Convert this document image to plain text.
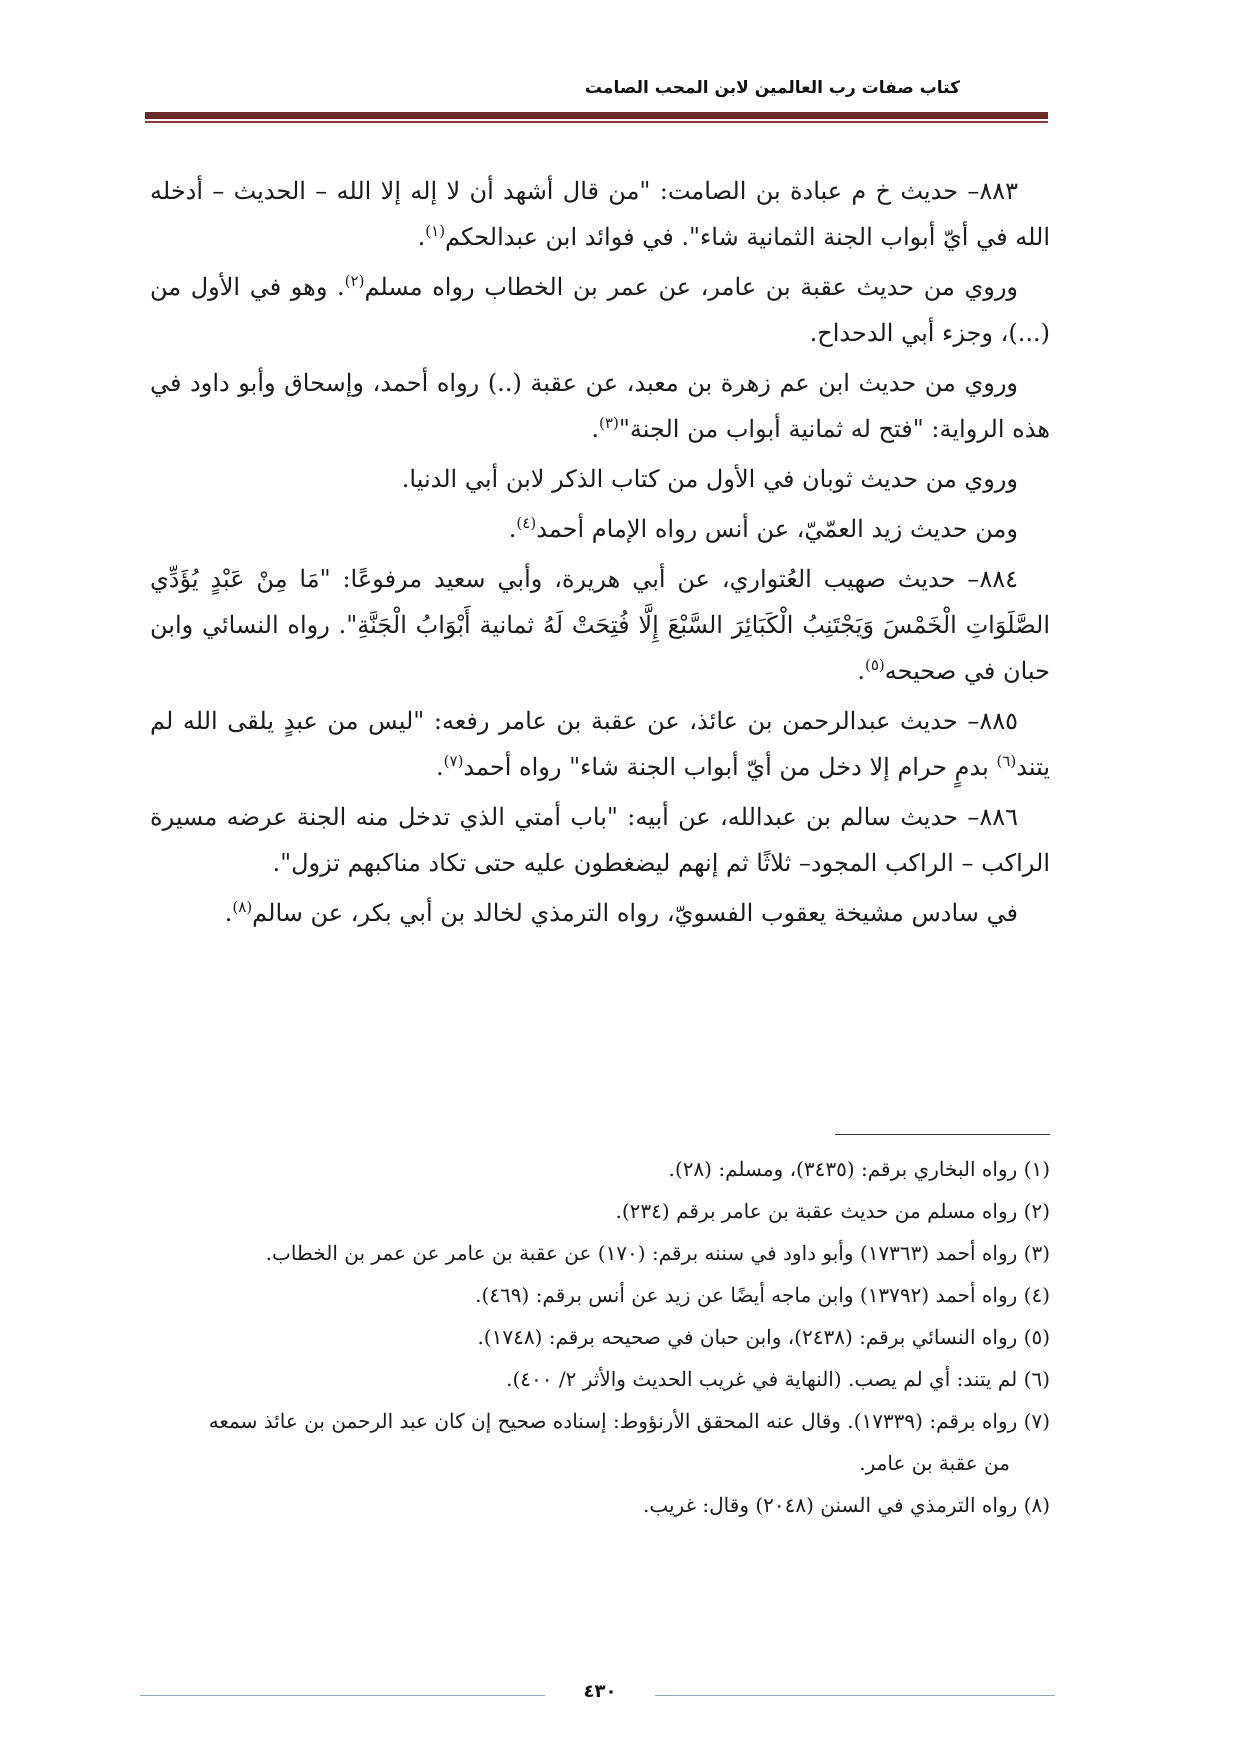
كتاب صفات رب العالمين لابن المحب الصامت

٨٨٣– حديث خ م عبادة بن الصامت: "من قال أشهد أن لا إله إلا الله – الحديث – أدخله الله في أيّ أبواب الجنة الثمانية شاء". في فوائد ابن عبدالحكم$^{(١)}$.

وروي من حديث عقبة بن عامر، عن عمر بن الخطاب رواه مسلم$^{(٢)}$. وهو في الأول من (...)، وجزء أبي الدحداح.

وروي من حديث ابن عم زهرة بن معبد، عن عقبة (..) رواه أحمد، وإسحاق وأبو داود في هذه الرواية: "فتح له ثمانية أبواب من الجنة"$^{(٣)}$.

وروي من حديث ثوبان في الأول من كتاب الذكر لابن أبي الدنيا.

ومن حديث زيد العمّيّ، عن أنس رواه الإمام أحمد$^{(٤)}$.

٨٨٤– حديث صهيب العُتواري، عن أبي هريرة، وأبي سعيد مرفوعًا: "مَا مِنْ عَبْدٍ يُؤَدِّي الصَّلَوَاتِ الْخَمْسَ وَيَجْتَنِبُ الْكَبَائِرَ السَّبْعَ إِلَّا فُتِحَتْ لَهُ ثمانية أَبْوَابُ الْجَنَّةِ". رواه النسائي وابن حبان في صحيحه$^{(٥)}$.

٨٨٥– حديث عبدالرحمن بن عائذ، عن عقبة بن عامر رفعه: "ليس من عبدٍ يلقى الله لم يتند$^{(٦)}$ بدمٍ حرام إلا دخل من أيّ أبواب الجنة شاء" رواه أحمد$^{(٧)}$.

٨٨٦– حديث سالم بن عبدالله، عن أبيه: "باب أمتي الذي تدخل منه الجنة عرضه مسيرة الراكب – الراكب المجود– ثلاثًا ثم إنهم ليضغطون عليه حتى تكاد مناكبهم تزول".

في سادس مشيخة يعقوب الفسويّ، رواه الترمذي لخالد بن أبي بكر، عن سالم$^{(٨)}$.

(١) رواه البخاري برقم: (٣٤٣٥)، ومسلم: (٢٨).

(٢) رواه مسلم من حديث عقبة بن عامر برقم (٢٣٤).

(٣) رواه أحمد (١٧٣٦٣) وأبو داود في سننه برقم: (١٧٠) عن عقبة بن عامر عن عمر بن الخطاب.

(٤) رواه أحمد (١٣٧٩٢) وابن ماجه أيضًا عن زيد عن أنس برقم: (٤٦٩).

(٥) رواه النسائي برقم: (٢٤٣٨)، وابن حبان في صحيحه برقم: (١٧٤٨).

(٦) لم يتند: أي لم يصب. (النهاية في غريب الحديث والأثر ٢/ ٤٠٠).

(٧) رواه برقم: (١٧٣٣٩). وقال عنه المحقق الأرنؤوط: إسناده صحيح إن كان عبد الرحمن بن عائذ سمعه
من عقبة بن عامر.

(٨) رواه الترمذي في السنن (٢٠٤٨) وقال: غريب.

٤٣٠
